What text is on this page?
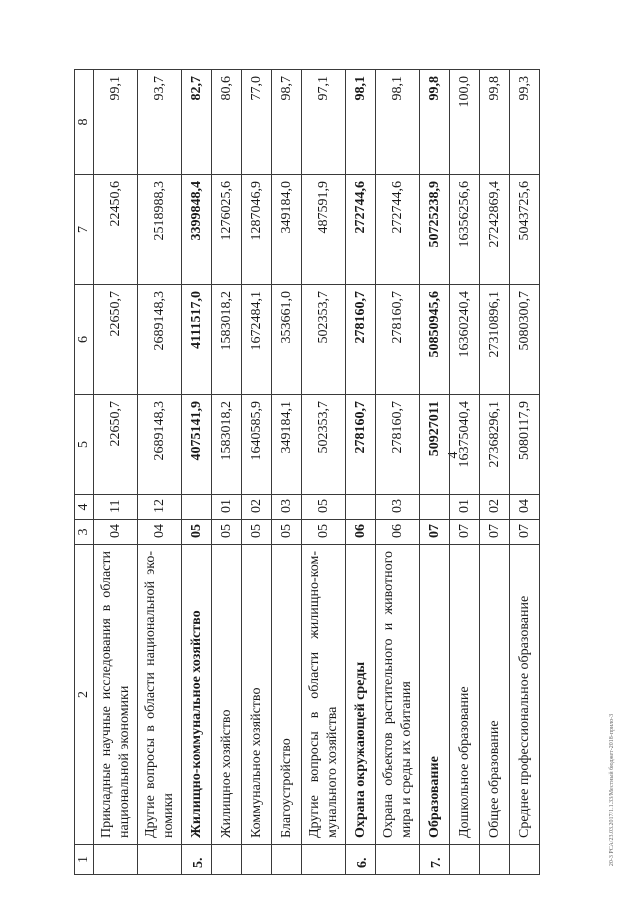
4
20-3 РСА/23.03.2017/1.1.33/Местный бюджет-2018-прило-3
1	2	3	4	5	6	7	8
	Прикладные научные исследования в области национальной экономики	04	11	22650,7	22650,7	22450,6	99,1
	Другие вопросы в области национальной эко-номики	04	12	2689148,3	2689148,3	2518988,3	93,7
5.	Жилищно-коммунальное хозяйство	05		4075141,9	4111517,0	3399848,4	82,7
	Жилищное хозяйство	05	01	1583018,2	1583018,2	1276025,6	80,6
	Коммунальное хозяйство	05	02	1640585,9	1672484,1	1287046,9	77,0
	Благоустройство	05	03	349184,1	353661,0	349184,0	98,7
	Другие вопросы в области жилищно-ком-мунального хозяйства	05	05	502353,7	502353,7	487591,9	97,1
6.	Охрана окружающей среды	06		278160,7	278160,7	272744,6	98,1
	Охрана объектов растительного и животного мира и среды их обитания	06	03	278160,7	278160,7	272744,6	98,1
7.	Образование	07		50927011	50850945,6	50725238,9	99,8
	Дошкольное образование	07	01	16375040,4	16360240,4	16356256,6	100,0
	Общее образование	07	02	27368296,1	27310896,1	27242869,4	99,8
	Среднее профессиональное образование	07	04	5080117,9	5080300,7	5043725,6	99,3
